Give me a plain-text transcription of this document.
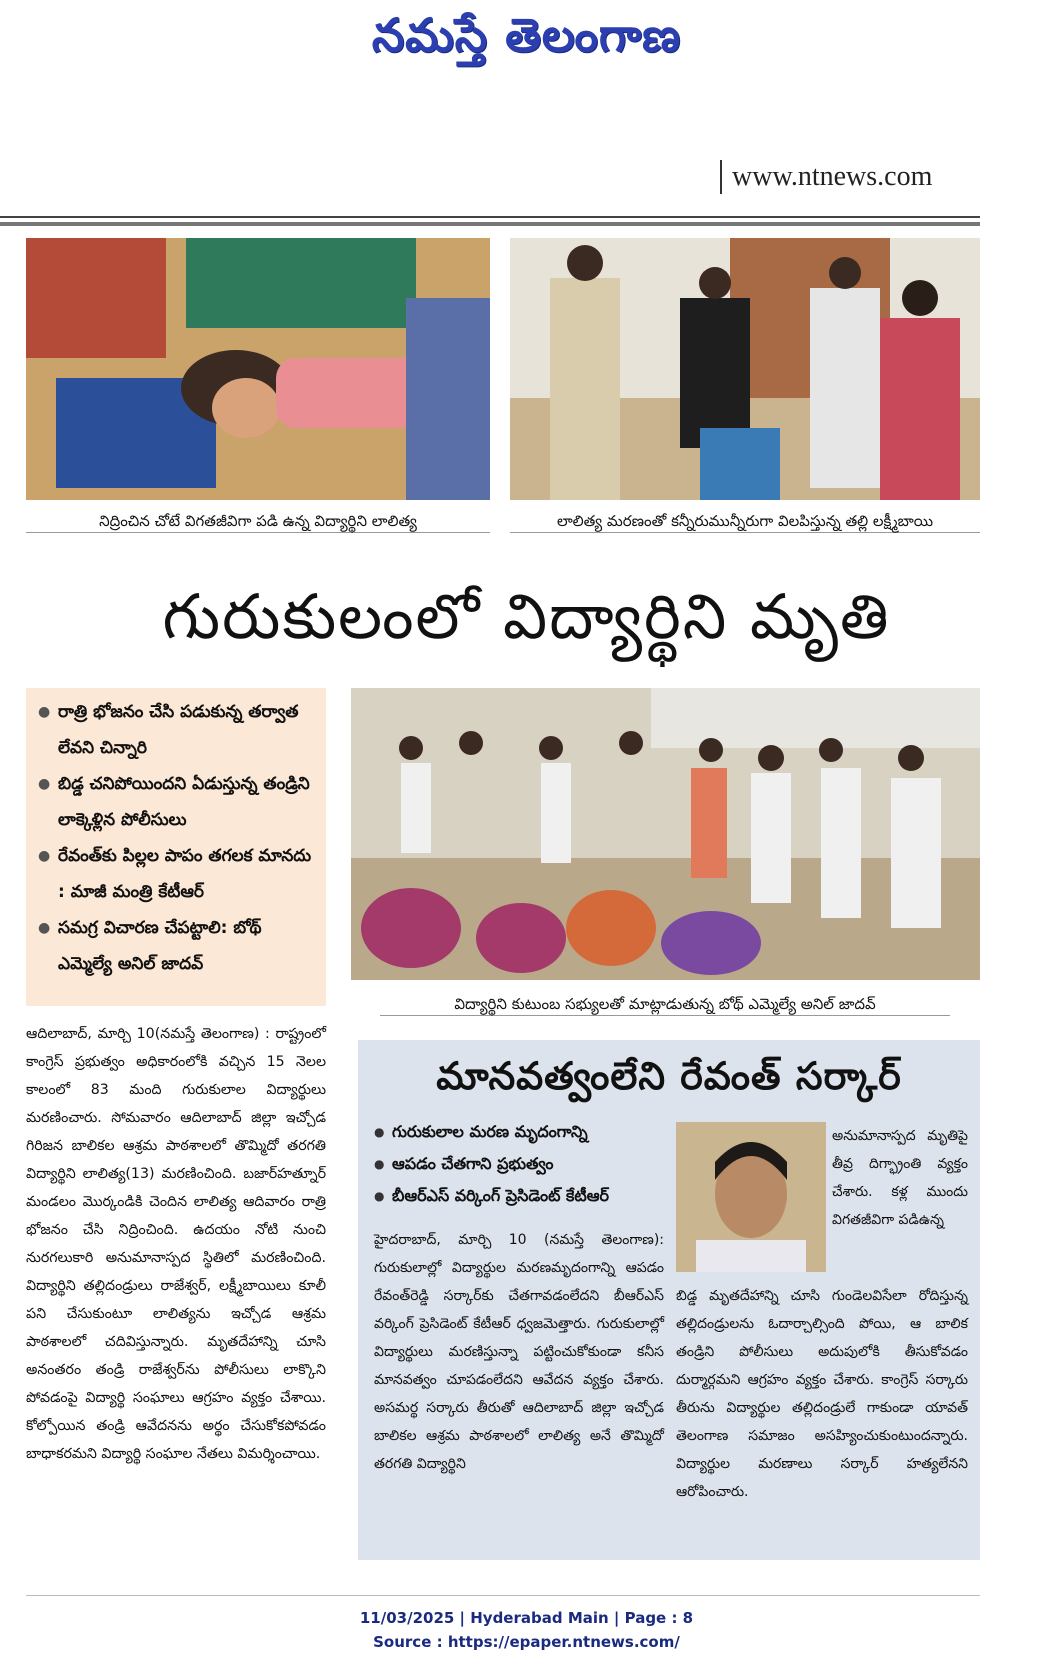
నమస్తే తెలంగాణ
www.ntnews.com
నిద్రించిన చోటే విగతజీవిగా పడి ఉన్న విద్యార్థిని లాలిత్య	లాలిత్య మరణంతో కన్నీరుమున్నీరుగా విలపిస్తున్న తల్లి లక్ష్మీబాయి
గురుకులంలో విద్యార్థిని మృతి
● రాత్రి భోజనం చేసి పడుకున్న తర్వాత లేవని చిన్నారి
● బిడ్డ చనిపోయిందని ఏడుస్తున్న తండ్రిని లాక్కెళ్లిన పోలీసులు
● రేవంత్‌కు పిల్లల పాపం తగలక మానదు : మాజీ మంత్రి కేటీఆర్
● సమగ్ర విచారణ చేపట్టాలి: బోథ్ ఎమ్మెల్యే అనిల్ జాదవ్
విద్యార్థిని కుటుంబ సభ్యులతో మాట్లాడుతున్న బోథ్ ఎమ్మెల్యే అనిల్ జాదవ్
ఆదిలాబాద్, మార్చి 10(నమస్తే తెలంగాణ) : రాష్ట్రంలో కాంగ్రెస్ ప్రభుత్వం అధికారంలోకి వచ్చిన 15 నెలల కాలంలో 83 మంది గురుకులాల విద్యార్థులు మరణించారు. సోమవారం ఆదిలాబాద్ జిల్లా ఇచ్చోడ గిరిజన బాలికల ఆశ్రమ పాఠశాలలో తొమ్మిదో తరగతి విద్యార్థిని లాలిత్య(13) మరణించింది. బజార్‌హత్నూర్ మండలం మొర్కండికి చెందిన లాలిత్య ఆదివారం రాత్రి భోజనం చేసి నిద్రించింది. ఉదయం నోటి నుంచి నురగలుకారి అనుమానాస్పద స్థితిలో మరణించింది. విద్యార్థిని తల్లిదండ్రులు రాజేశ్వర్, లక్ష్మీబాయిలు కూలీ పని చేసుకుంటూ లాలిత్యను ఇచ్చోడ ఆశ్రమ పాఠశాలలో చదివిస్తున్నారు. మృతదేహాన్ని చూసి అనంతరం తండ్రి రాజేశ్వర్‌ను పోలీసులు లాక్కొని పోవడంపై విద్యార్థి సంఘాలు ఆగ్రహం వ్యక్తం చేశాయి. కోల్పోయిన తండ్రి ఆవేదనను అర్థం చేసుకోకపోవడం బాధాకరమని విద్యార్థి సంఘాల నేతలు విమర్శించాయి.
మానవత్వంలేని రేవంత్ సర్కార్
● గురుకులాల మరణ మృదంగాన్ని
● ఆపడం చేతగాని ప్రభుత్వం
● బీఆర్‌ఎస్ వర్కింగ్ ప్రెసిడెంట్ కేటీఆర్
అనుమానాస్పద మృతిపై తీవ్ర దిగ్భ్రాంతి వ్యక్తం చేశారు. కళ్ల ముందు విగతజీవిగా పడిఉన్న
హైదరాబాద్, మార్చి 10 (నమస్తే తెలంగాణ): గురుకులాల్లో విద్యార్థుల మరణమృదంగాన్ని ఆపడం రేవంత్‌రెడ్డి సర్కార్‌కు చేతగావడంలేదని బీఆర్‌ఎస్ వర్కింగ్ ప్రెసిడెంట్ కేటీఆర్ ధ్వజమెత్తారు. గురుకులాల్లో విద్యార్థులు మరణిస్తున్నా పట్టించుకోకుండా కనీస మానవత్వం చూపడంలేదని ఆవేదన వ్యక్తం చేశారు. అసమర్థ సర్కారు తీరుతో ఆదిలాబాద్ జిల్లా ఇచ్చోడ బాలికల ఆశ్రమ పాఠశాలలో లాలిత్య అనే తొమ్మిదో తరగతి విద్యార్థిని
బిడ్డ మృతదేహాన్ని చూసి గుండెలవిసేలా రోదిస్తున్న తల్లిదండ్రులను ఓదార్చాల్సింది పోయి, ఆ బాలిక తండ్రిని పోలీసులు అదుపులోకి తీసుకోవడం దుర్మార్గమని ఆగ్రహం వ్యక్తం చేశారు. కాంగ్రెస్ సర్కారు తీరును విద్యార్థుల తల్లిదండ్రులే గాకుండా యావత్ తెలంగాణ సమాజం అసహ్యించుకుంటుందన్నారు. విద్యార్థుల మరణాలు సర్కార్ హత్యలేనని ఆరోపించారు.
11/03/2025 | Hyderabad Main | Page : 8
Source : https://epaper.ntnews.com/
